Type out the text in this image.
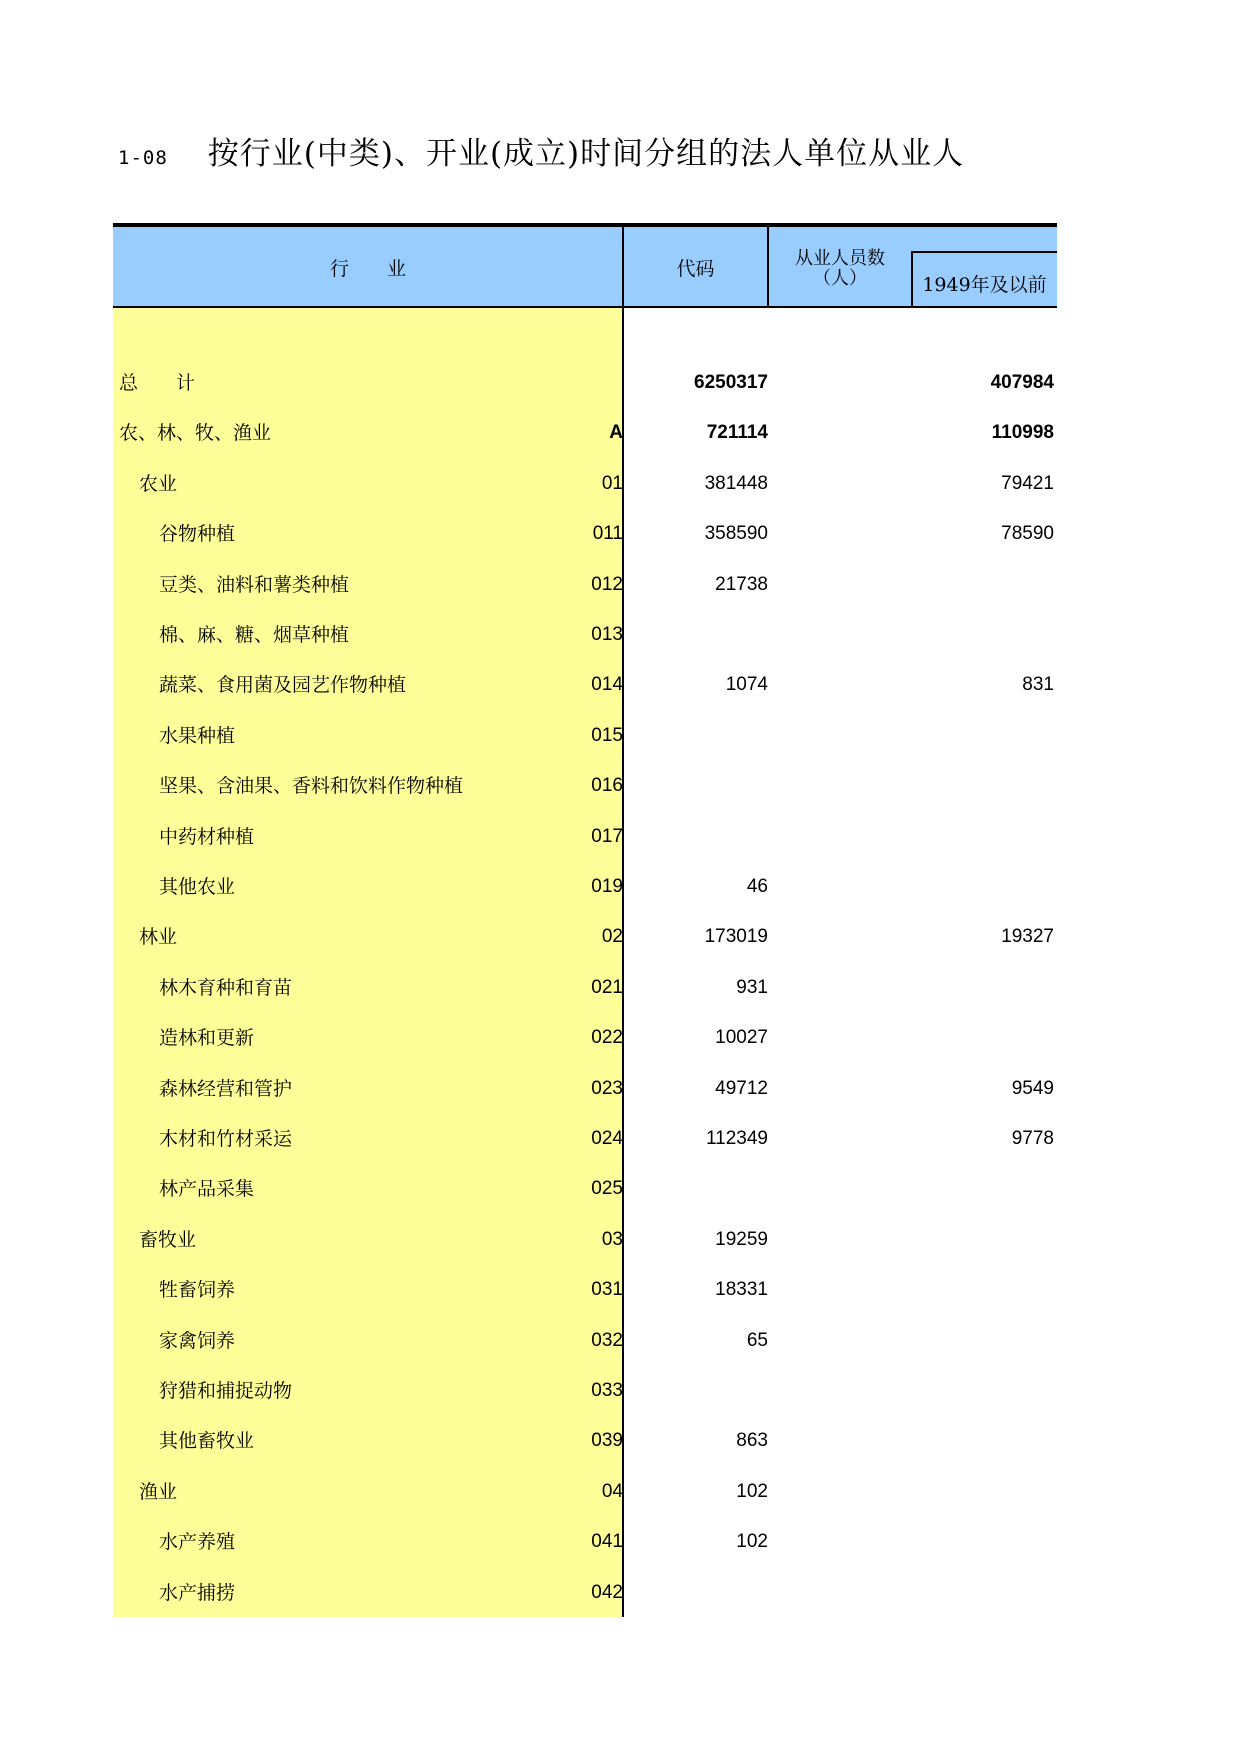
1-08 按行业(中类)、开业(成立)时间分组的法人单位从业人
行　　业	代码	从业人员数
（人）	1949年及以前
总　　计	6250317	407984
农、林、牧、渔业	A	721114	110998
农业	01	381448	79421
谷物种植	011	358590	78590
豆类、油料和薯类种植	012	21738
棉、麻、糖、烟草种植	013
蔬菜、食用菌及园艺作物种植	014	1074	831
水果种植	015
坚果、含油果、香料和饮料作物种植	016
中药材种植	017
其他农业	019	46
林业	02	173019	19327
林木育种和育苗	021	931
造林和更新	022	10027
森林经营和管护	023	49712	9549
木材和竹材采运	024	112349	9778
林产品采集	025
畜牧业	03	19259
牲畜饲养	031	18331
家禽饲养	032	65
狩猎和捕捉动物	033
其他畜牧业	039	863
渔业	04	102
水产养殖	041	102
水产捕捞	042
